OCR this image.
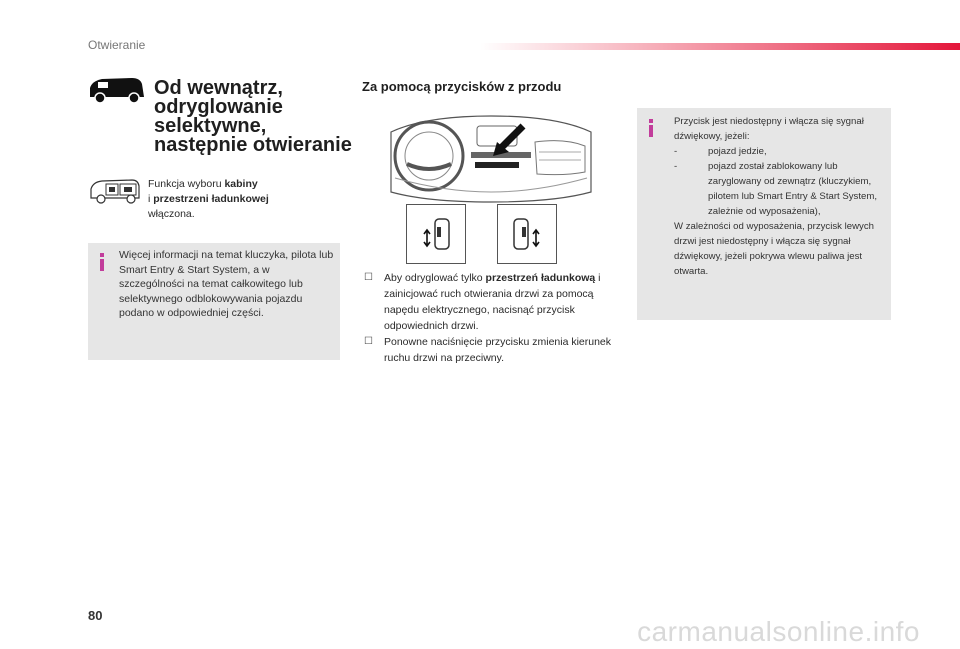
Otwieranie
Od wewnątrz,
odryglowanie
selektywne,
następnie otwieranie
Funkcja wyboru kabiny
i przestrzeni ładunkowej
włączona.
Więcej informacji na temat kluczyka, pilota lub Smart Entry & Start System, a w szczególności na temat całkowitego lub selektywnego odblokowywania pojazdu podano w odpowiedniej części.
Za pomocą przycisków z przodu
☐ Aby odryglować tylko przestrzeń ładunkową i zainicjować ruch otwierania drzwi za pomocą napędu elektrycznego, nacisnąć przycisk odpowiednich drzwi.
☐ Ponowne naciśnięcie przycisku zmienia kierunek ruchu drzwi na przeciwny.
Przycisk jest niedostępny i włącza się sygnał dźwiękowy, jeżeli:
-	pojazd jedzie,
-	pojazd został zablokowany lub zaryglowany od zewnątrz (kluczykiem, pilotem lub Smart Entry & Start System, zależnie od wyposażenia),
W zależności od wyposażenia, przycisk lewych drzwi jest niedostępny i włącza się sygnał dźwiękowy, jeżeli pokrywa wlewu paliwa jest otwarta.
80
carmanualsonline.info
